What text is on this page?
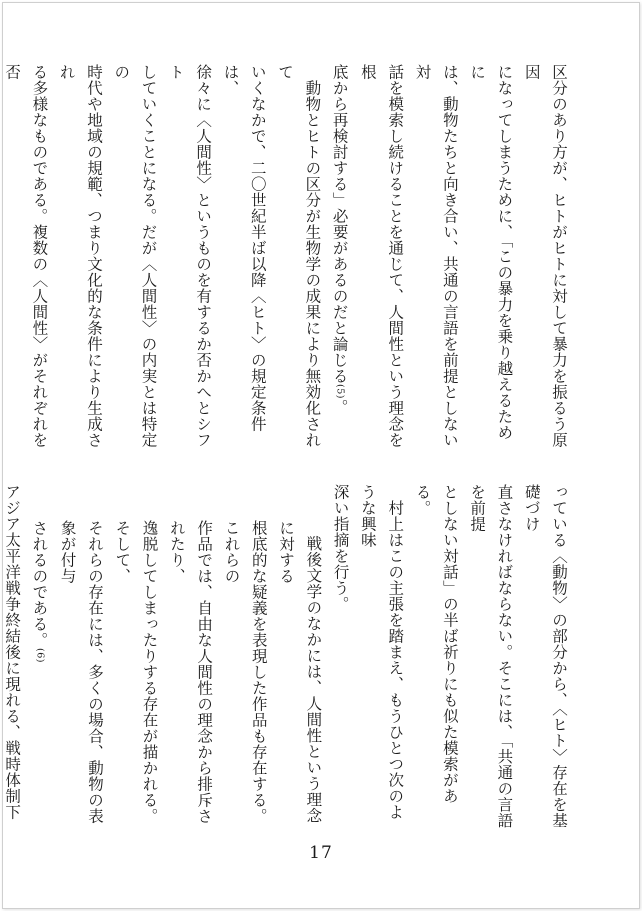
区分のあり方が、ヒトがヒトに対して暴力を振るう原因
になってしまうために、「この暴力を乗り越えるために
は、動物たちと向き合い、共通の言語を前提としない対
話を模索し続けることを通じて、人間性という理念を根
底から再検討する」必要があるのだと論じる(5)。

動物とヒトの区分が生物学の成果により無効化されて
いくなかで、二〇世紀半ば以降〈ヒト〉の規定条件は、
徐々に〈人間性〉というものを有するか否かへとシフト
していくことになる。だが〈人間性〉の内実とは特定の
時代や地域の規範、つまり文化的な条件により生成され
る多様なものである。複数の〈人間性〉がそれぞれを否

っている〈動物〉の部分から、〈ヒト〉存在を基礎づけ
直さなければならない。そこには、「共通の言語を前提
としない対話」の半ば祈りにも似た模索がある。

村上はこの主張を踏まえ、もうひとつ次のような興味
深い指摘を行う。

戦後文学のなかには、人間性という理念に対する
根底的な疑義を表現した作品も存在する。これらの
作品では、自由な人間性の理念から排斥されたり、
逸脱してしまったりする存在が描かれる。そして、
それらの存在には、多くの場合、動物の表象が付与
されるのである。(6)

アジア太平洋戦争終結後に現れる、戦時体制下

17
